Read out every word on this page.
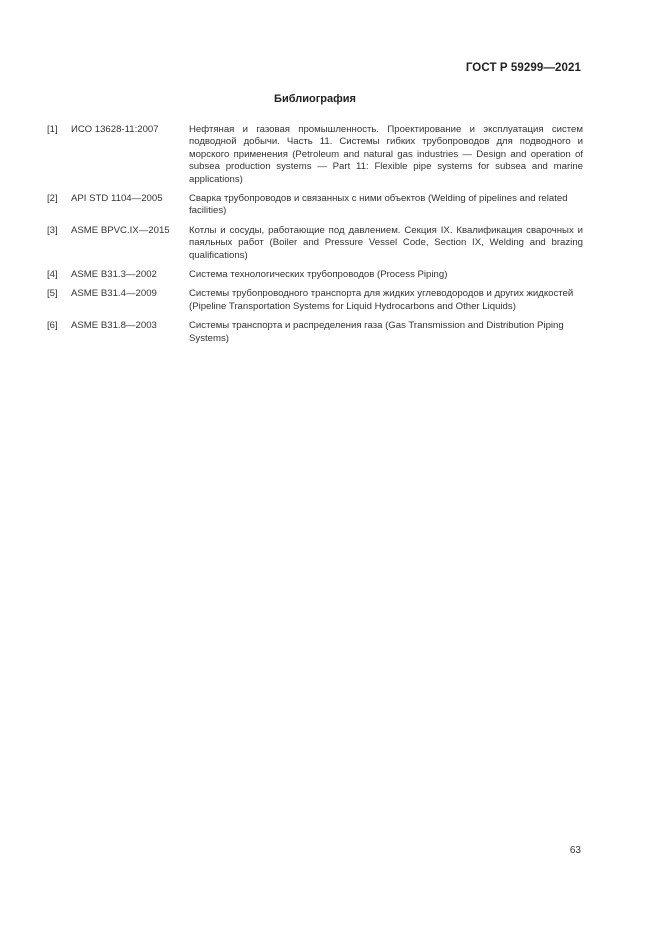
ГОСТ Р 59299—2021
Библиография
[1]	ИСО 13628-11:2007	Нефтяная и газовая промышленность. Проектирование и эксплуатация систем подводной добычи. Часть 11. Системы гибких трубопроводов для подводного и морского применения (Petroleum and natural gas industries — Design and operation of subsea production systems — Part 11: Flexible pipe systems for subsea and marine applications)
[2]	API STD 1104—2005	Сварка трубопроводов и связанных с ними объектов (Welding of pipelines and related facilities)
[3]	ASME BPVC.IX—2015	Котлы и сосуды, работающие под давлением. Секция IX. Квалификация сварочных и паяльных работ (Boiler and Pressure Vessel Code, Section IX, Welding and brazing qualifications)
[4]	ASME B31.3—2002	Система технологических трубопроводов (Process Piping)
[5]	ASME B31.4—2009	Системы трубопроводного транспорта для жидких углеводородов и других жидкостей (Pipeline Transportation Systems for Liquid Hydrocarbons and Other Liquids)
[6]	ASME B31.8—2003	Системы транспорта и распределения газа (Gas Transmission and Distribution Piping Systems)
63
